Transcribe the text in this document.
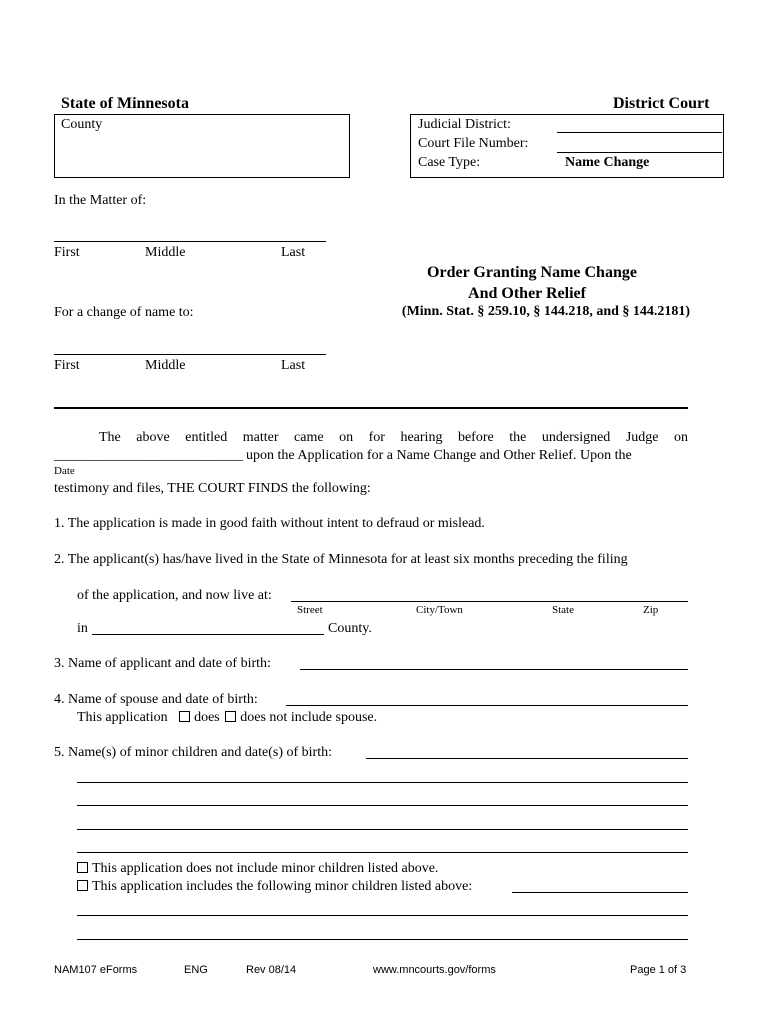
State of Minnesota	District Court
County	Judicial District:
Court File Number:
Case Type:	Name Change
In the Matter of:
First	Middle	Last
For a change of name to:
First	Middle	Last
Order Granting Name Change
And Other Relief
(Minn. Stat. § 259.10, § 144.218, and § 144.2181)
The above entitled matter came on for hearing before the undersigned Judge on
___________________________ upon the Application for a Name Change and Other Relief. Upon the
Date
testimony and files, THE COURT FINDS the following:
1. The application is made in good faith without intent to defraud or mislead.
2. The applicant(s) has/have lived in the State of Minnesota for at least six months preceding the filing
of the application, and now live at:
Street	City/Town	State	Zip
in	County.
3. Name of applicant and date of birth:
4. Name of spouse and date of birth:
This application does does not include spouse.
5. Name(s) of minor children and date(s) of birth:
This application does not include minor children listed above.
This application includes the following minor children listed above:
NAM107 eForms	ENG	Rev 08/14	www.mncourts.gov/forms	Page 1 of 3
